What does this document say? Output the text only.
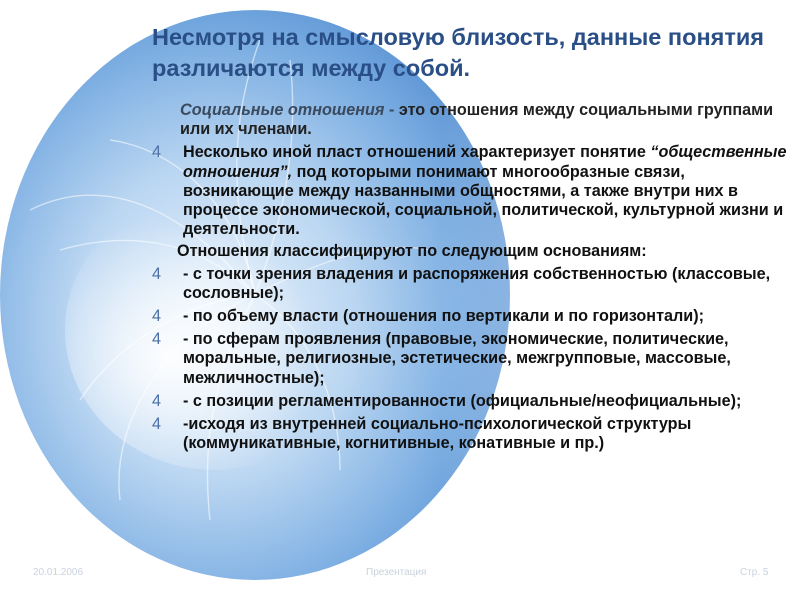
Несмотря на смысловую близость, данные понятия различаются между собой.
Социальные отношения - это отношения между социальными группами или их членами.
4 Несколько иной пласт отношений характеризует понятие “общественные отношения”, под которыми понимают многообразные связи, возникающие между названными общностями, а также внутри них в процессе экономической, социальной, политической, культурной жизни и деятельности.
Отношения классифицируют по следующим основаниям:
4 - с точки зрения владения и распоряжения собственностью (классовые, сословные);
4 - по объему власти (отношения по вертикали и по горизонтали);
4 - по сферам проявления (правовые, экономические, политические, моральные, религиозные, эстетические, межгрупповые, массовые, межличностные);
4 - с позиции регламентированности (официальные/неофициальные);
4 -исходя из внутренней социально-психологической структуры (коммуникативные, когнитивные, конативные и пр.)
20.01.2006	Презентация	Стр. 5
